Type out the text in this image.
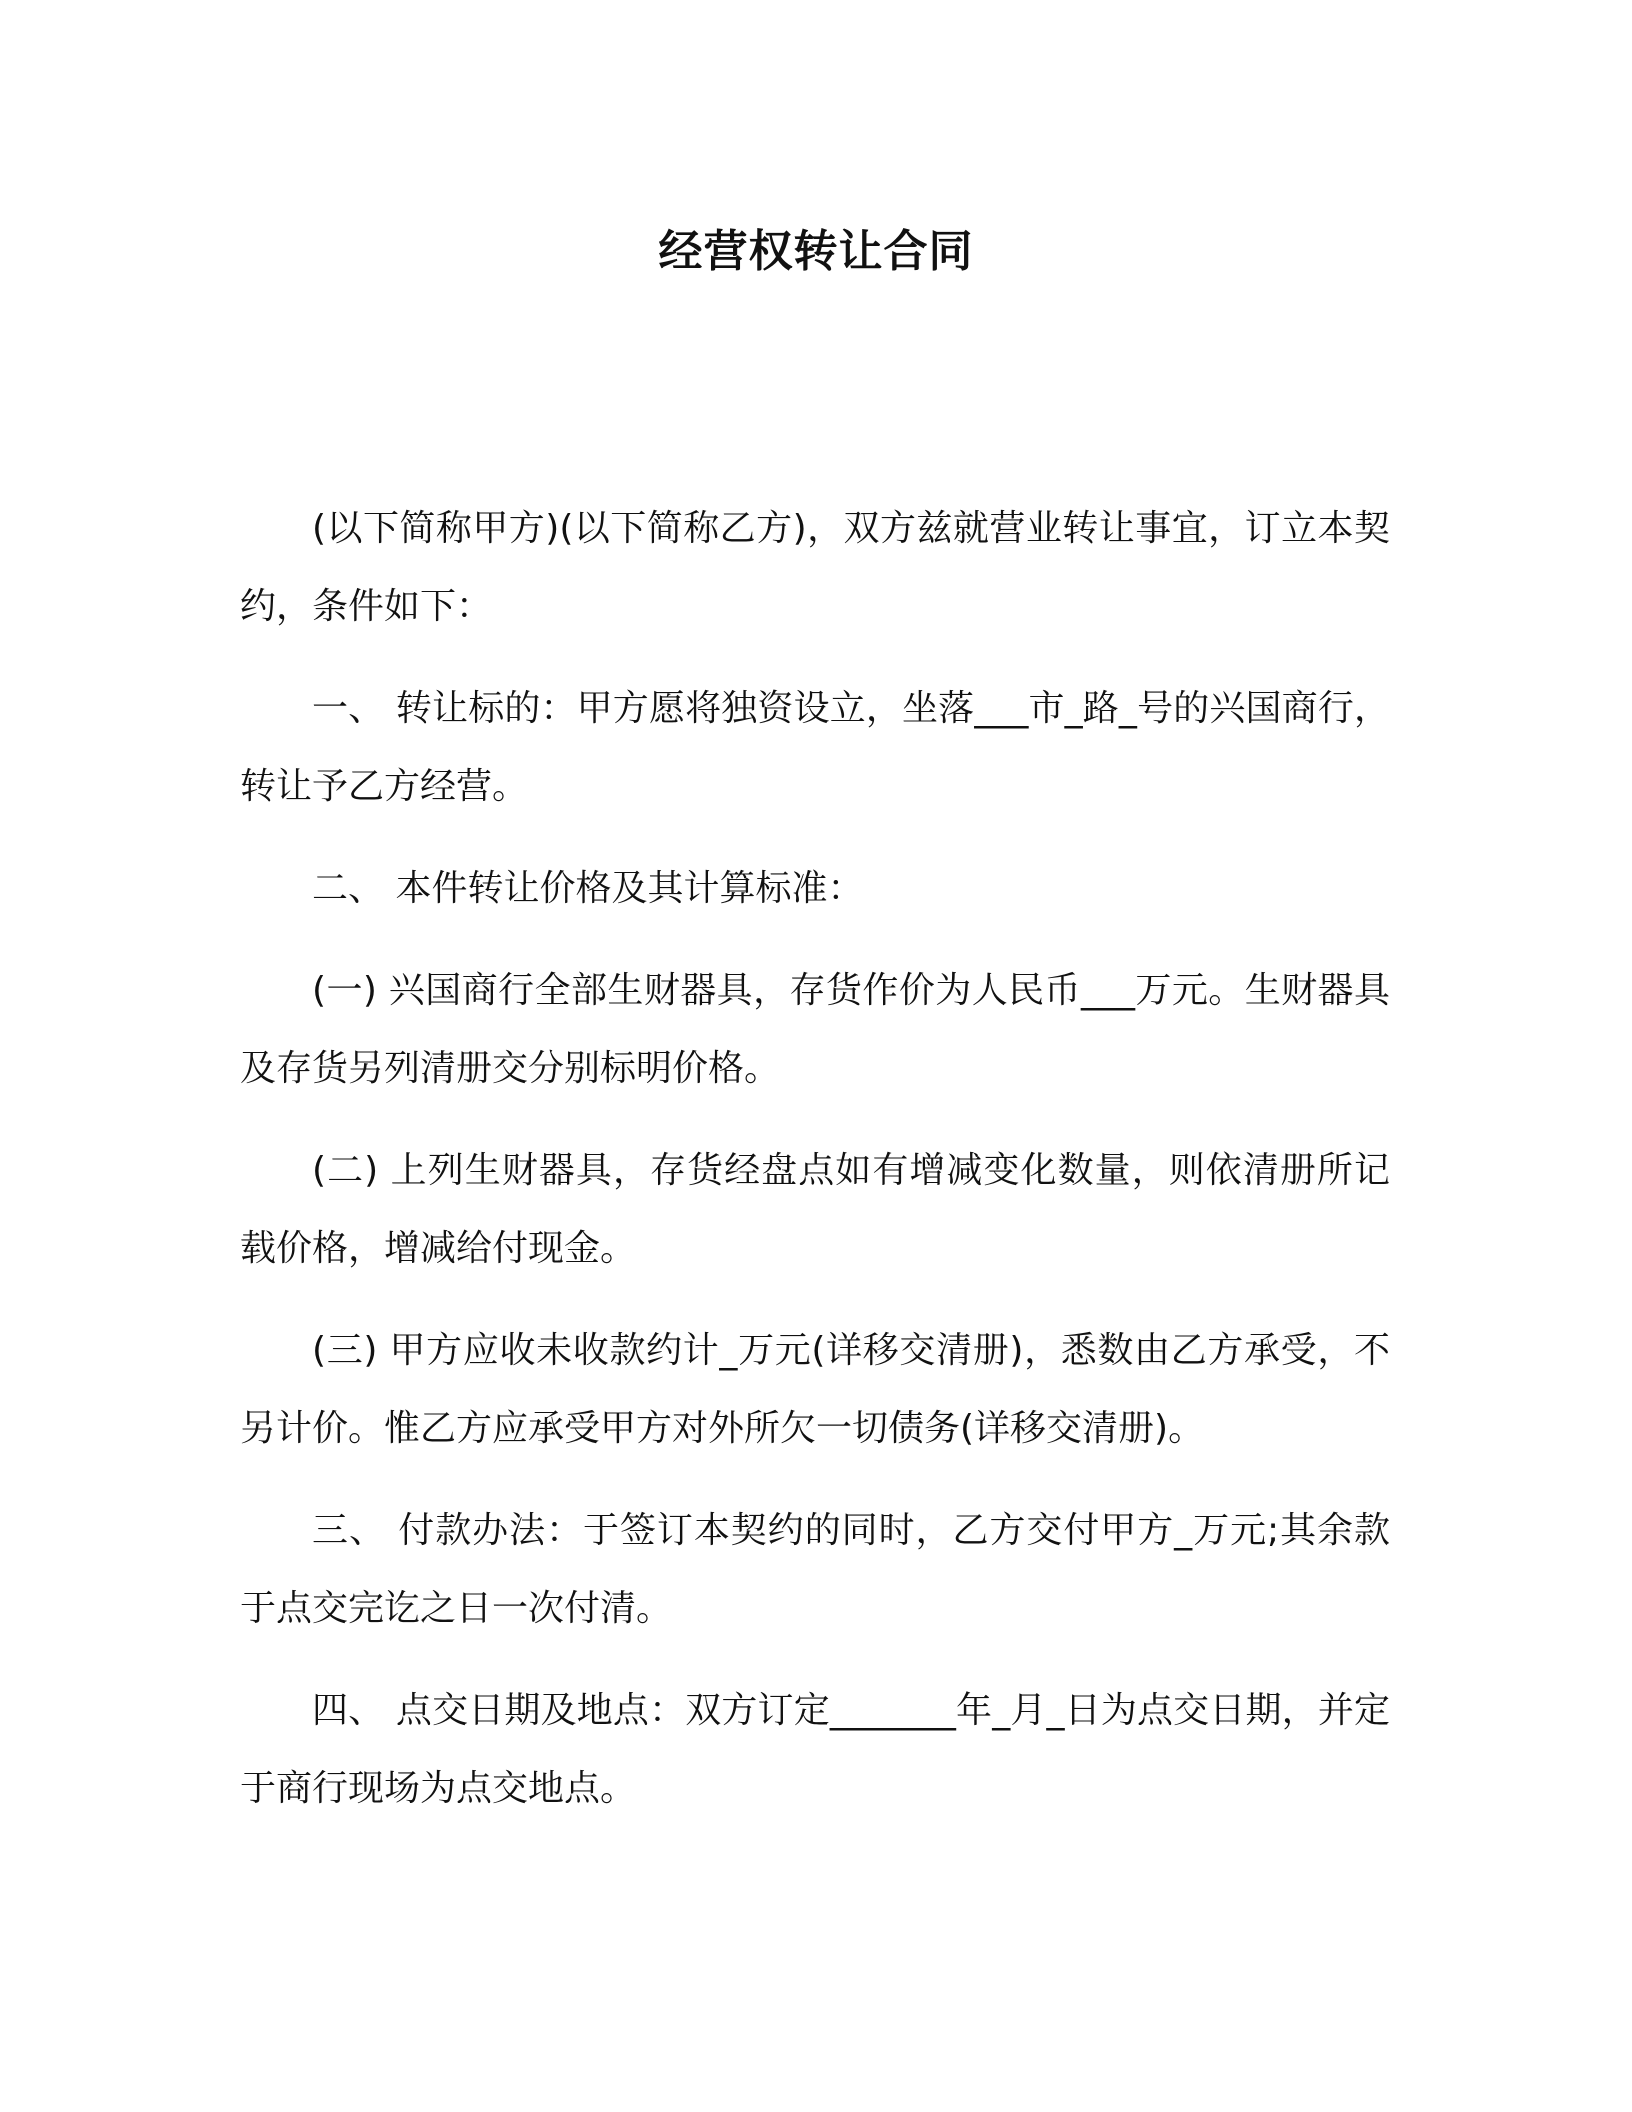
经营权转让合同

(以下简称甲方)(以下简称乙方)，双方兹就营业转让事宜，订立本契约，条件如下：

一、 转让标的：甲方愿将独资设立，坐落___市_路_号的兴国商行，转让予乙方经营。

二、 本件转让价格及其计算标准：

(一) 兴国商行全部生财器具，存货作价为人民币___万元。生财器具及存货另列清册交分别标明价格。

(二) 上列生财器具，存货经盘点如有增减变化数量，则依清册所记载价格，增减给付现金。

(三) 甲方应收未收款约计_万元(详移交清册)，悉数由乙方承受，不另计价。惟乙方应承受甲方对外所欠一切债务(详移交清册)。

三、 付款办法：于签订本契约的同时，乙方交付甲方_万元;其余款于点交完讫之日一次付清。

四、 点交日期及地点：双方订定_______年_月_日为点交日期，并定于商行现场为点交地点。
